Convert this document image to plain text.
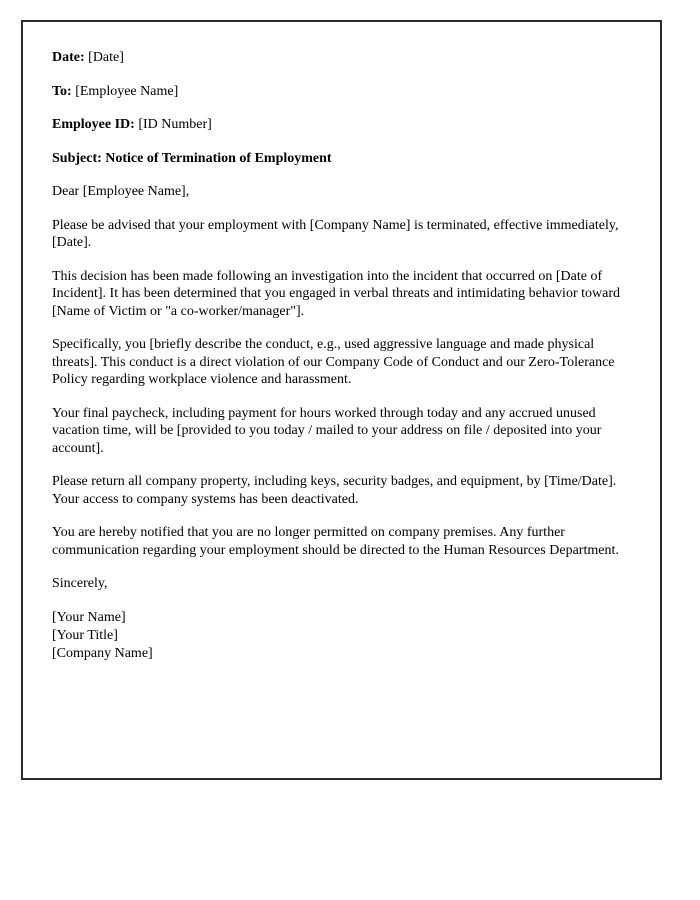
Date: [Date]

To: [Employee Name]

Employee ID: [ID Number]

Subject: Notice of Termination of Employment

Dear [Employee Name],

Please be advised that your employment with [Company Name] is terminated, effective immediately, [Date].

This decision has been made following an investigation into the incident that occurred on [Date of Incident]. It has been determined that you engaged in verbal threats and intimidating behavior toward [Name of Victim or "a co-worker/manager"].

Specifically, you [briefly describe the conduct, e.g., used aggressive language and made physical threats]. This conduct is a direct violation of our Company Code of Conduct and our Zero-Tolerance Policy regarding workplace violence and harassment.

Your final paycheck, including payment for hours worked through today and any accrued unused vacation time, will be [provided to you today / mailed to your address on file / deposited into your account].

Please return all company property, including keys, security badges, and equipment, by [Time/Date]. Your access to company systems has been deactivated.

You are hereby notified that you are no longer permitted on company premises. Any further communication regarding your employment should be directed to the Human Resources Department.

Sincerely,

[Your Name]
[Your Title]
[Company Name]
